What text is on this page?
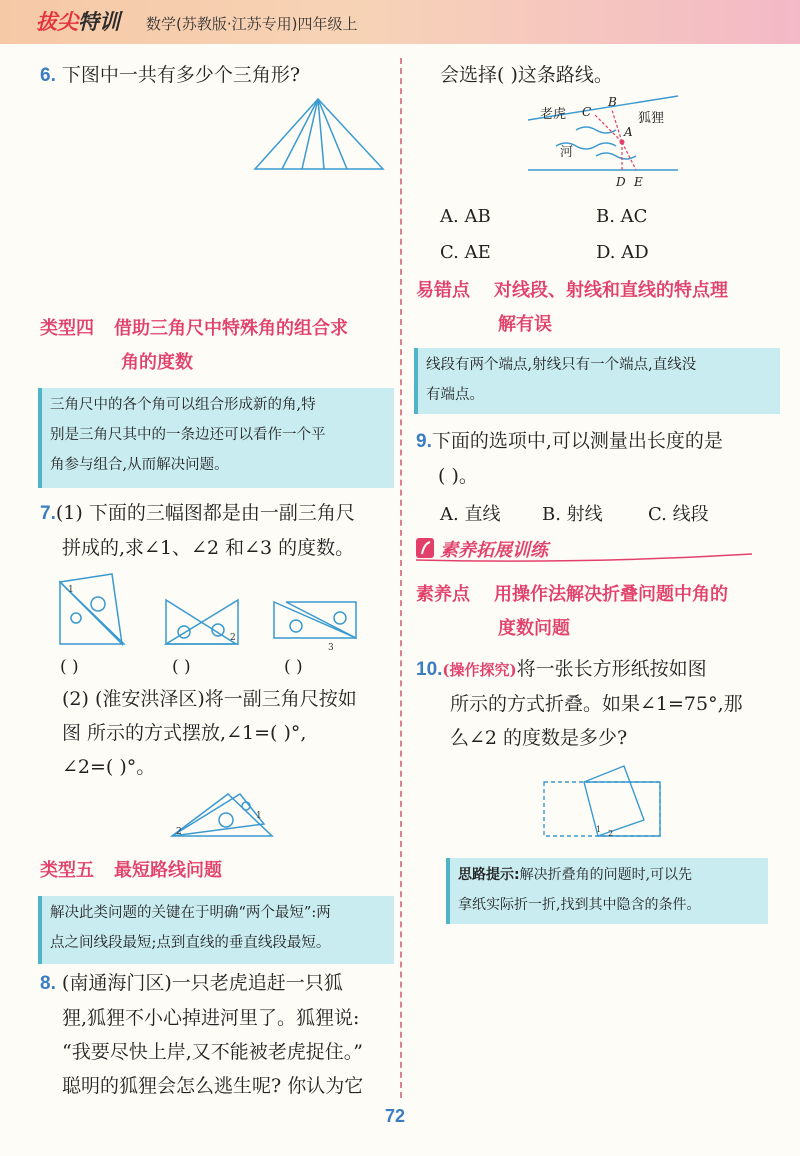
拔尖特训 数学(苏教版·江苏专用)四年级上
6. 下图中一共有多少个三角形?
类型四 借助三角尺中特殊角的组合求
角的度数
三角尺中的各个角可以组合形成新的角,特
别是三角尺其中的一条边还可以看作一个平
角参与组合,从而解决问题。
7.(1) 下面的三幅图都是由一副三角尺
拼成的,求∠1、∠2 和∠3 的度数。
1
2
3
( )	( )	( )
(2) (淮安洪泽区)将一副三角尺按如
图 所示的方式摆放,∠1=( )°,
∠2=( )°。
2
1
类型五 最短路线问题
解决此类问题的关键在于明确“两个最短”:两
点之间线段最短;点到直线的垂直线段最短。
8. (南通海门区)一只老虎追赶一只狐
狸,狐狸不小心掉进河里了。狐狸说:
“我要尽快上岸,又不能被老虎捉住。”
聪明的狐狸会怎么逃生呢? 你认为它
会选择( )这条路线。
老虎 C
B
狐狸
A
河
D E
A. AB	B. AC
C. AE	D. AD
易错点 对线段、射线和直线的特点理
解有误
线段有两个端点,射线只有一个端点,直线没
有端点。
9.下面的选项中,可以测量出长度的是
( )。
A. 直线 B. 射线	C. 线段
素养拓展训练
素养点 用操作法解决折叠问题中角的
度数问题
10.(操作探究)将一张长方形纸按如图
所示的方式折叠。如果∠1=75°,那
么∠2 的度数是多少?
1 2
思路提示:解决折叠角的问题时,可以先
拿纸实际折一折,找到其中隐含的条件。
72
